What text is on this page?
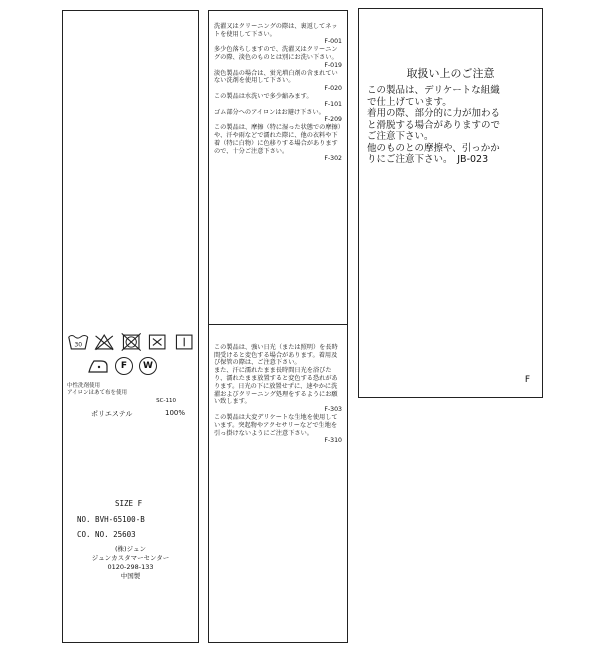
30
F	W
中性洗剤使用
アイロンはあて布を使用
SC-110
ポリエステル	100%
SIZE F
NO. BVH-65100-B
CO. NO. 25603
(株)ジュン
ジュンカスタマーセンター
0120-298-133
中国製

洗濯又はクリーニングの際は、裏返してネットを使用して下さい。
F-001
多少色落ちしますので、洗濯又はクリーニングの際、淡色のものとは別にお洗い下さい。
F-019
淡色製品の場合は、蛍光増白剤の含まれていない洗剤を使用して下さい。
F-020
この製品は水洗いで多少縮みます。
F-101
ゴム部分へのアイロンはお避け下さい。
F-209
この製品は、摩擦（特に湿った状態での摩擦）や、汗や雨などで濡れた際に、他の衣料や下着（特に白物）に色移りする場合がありますので、十分ご注意下さい。
F-302

この製品は、強い日光（または照明）を長時間受けると変色する場合があります。着用及び保管の際は、ご注意下さい。
また、汗に濡れたまま長時間日光を浴びたり、濡れたまま放置すると変色する恐れがあります。日光の下に放置せずに、速やかに洗濯およびクリーニング処理をするようにお願い致します。
F-303
この製品は大変デリケートな生地を使用しています。突起物やアクセサリーなどで生地を引っ掛けないようにご注意下さい。
F-310

取扱い上のご注意
この製品は、デリケートな組織
で仕上げています。
着用の際、部分的に力が加わる
と滑脱する場合がありますので
ご注意下さい。
他のものとの摩擦や、引っかか
りにご注意下さい。　JB-023
F
